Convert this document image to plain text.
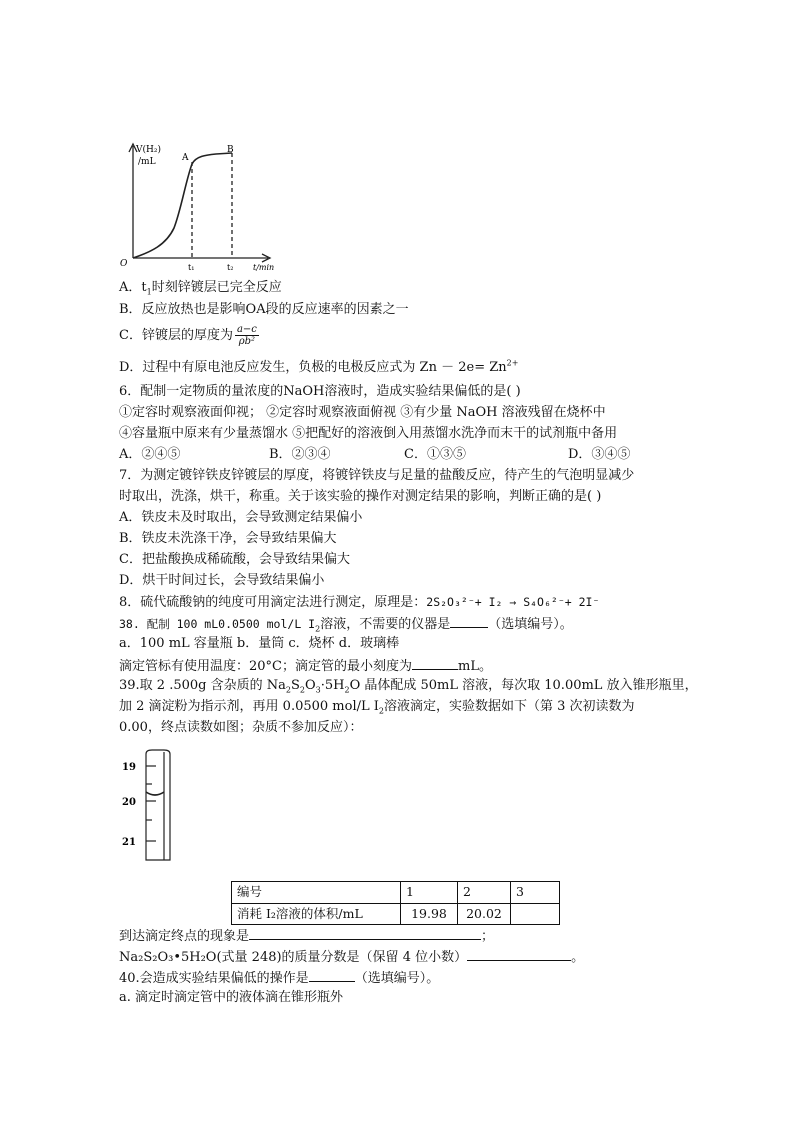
V(H₂)
/mL	A
B
O	t₁	t₂ t/min
A．$t_1$时刻锌镀层已完全反应
B．反应放热也是影响OA段的反应速率的因素之一
C．锌镀层的厚度为 $\frac{a-c}{\text{ρb²}}$
D．过程中有原电池反应发生，负极的电极反应式为 $Zn - 2e= Zn^{2+}$
6．配制一定物质的量浓度的NaOH溶液时，造成实验结果偏低的是( )
①定容时观察液面仰视； ②定容时观察液面俯视 ③有少量 NaOH 溶液残留在烧杯中
④容量瓶中原来有少量蒸馏水 ⑤把配好的溶液倒入用蒸馏水洗净而末干的试剂瓶中备用
A．②④⑤	B．②③④	C．①③⑤	D．③④⑤
7．为测定镀锌铁皮锌镀层的厚度，将镀锌铁皮与足量的盐酸反应，待产生的气泡明显减少
时取出，洗涤，烘干，称重。关于该实验的操作对测定结果的影响，判断正确的是( )
A．铁皮未及时取出，会导致测定结果偏小
B．铁皮未洗涤干净，会导致结果偏大
C．把盐酸换成稀硫酸，会导致结果偏大
D．烘干时间过长，会导致结果偏小
8．硫代硫酸钠的纯度可用滴定法进行测定，原理是：2S₂O₃²⁻+ I₂ → S₄O₆²⁻+ 2I⁻
38. 配制 100 mL0.0500 mol/L $I_2$溶液，不需要的仪器是	（选填编号）。
a．100 mL 容量瓶 b．量筒 c．烧杯 d．玻璃棒
滴定管标有使用温度：20°C；滴定管的最小刻度为	mL。
39.取 2 .500g 含杂质的 $Na_2S_2O_3\cdot 5H_2O$ 晶体配成 50mL 溶液，每次取 10.00mL 放入锥形瓶里，
加 2 滴淀粉为指示剂，再用 0.0500 mol/L $I_2$溶液滴定，实验数据如下（第 3 次初读数为
0.00，终点读数如图；杂质不参加反应）：
19
20
21
编号	1	2	3
消耗 I₂溶液的体积/mL	19.98	20.02	
到达滴定终点的现象是	；
Na₂S₂O₃•5H₂O(式量 248)的质量分数是（保留 4 位小数）	。
40.会造成实验结果偏低的操作是	（选填编号）。
a. 滴定时滴定管中的液体滴在锥形瓶外
